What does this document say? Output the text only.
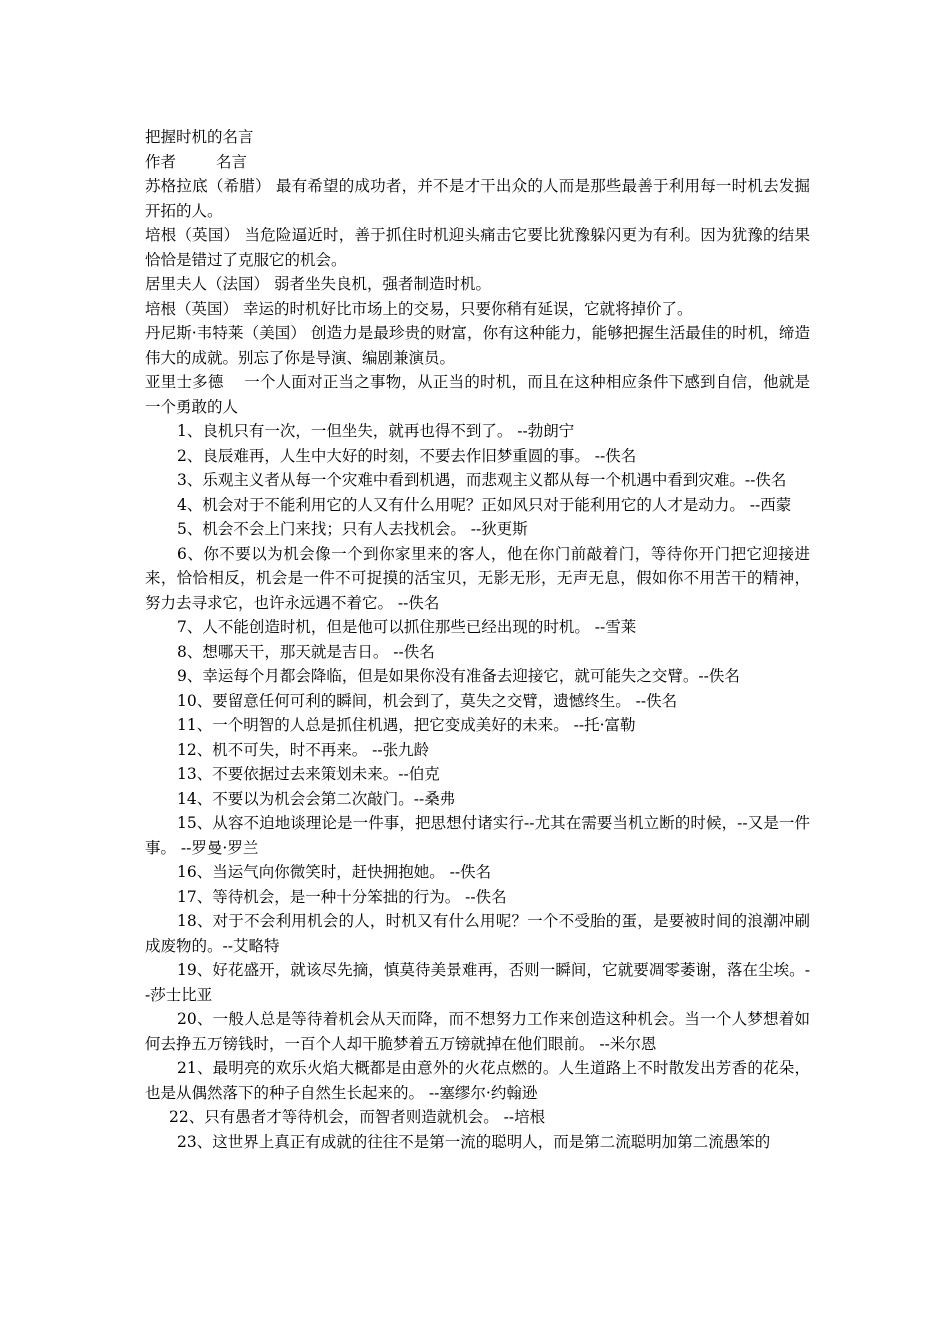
把握时机的名言

作者	名言

苏格拉底（希腊） 最有希望的成功者，并不是才干出众的人而是那些最善于利用每一时机去发掘开拓的人。

培根（英国） 当危险逼近时，善于抓住时机迎头痛击它要比犹豫躲闪更为有利。因为犹豫的结果恰恰是错过了克服它的机会。

居里夫人（法国） 弱者坐失良机，强者制造时机。

培根（英国） 幸运的时机好比市场上的交易，只要你稍有延误，它就将掉价了。

丹尼斯·韦特莱（美国） 创造力是最珍贵的财富，你有这种能力，能够把握生活最佳的时机，缔造伟大的成就。别忘了你是导演、编剧兼演员。

亚里士多德 一个人面对正当之事物，从正当的时机，而且在这种相应条件下感到自信，他就是一个勇敢的人

1、良机只有一次，一但坐失，就再也得不到了。 --勃朗宁

2、良辰难再，人生中大好的时刻，不要去作旧梦重圆的事。 --佚名

3、乐观主义者从每一个灾难中看到机遇，而悲观主义都从每一个机遇中看到灾难。--佚名

4、机会对于不能利用它的人又有什么用呢？正如风只对于能利用它的人才是动力。 --西蒙

5、机会不会上门来找；只有人去找机会。 --狄更斯

6、你不要以为机会像一个到你家里来的客人，他在你门前敲着门，等待你开门把它迎接进来，恰恰相反，机会是一件不可捉摸的活宝贝，无影无形，无声无息，假如你不用苦干的精神，努力去寻求它，也许永远遇不着它。 --佚名

7、人不能创造时机，但是他可以抓住那些已经出现的时机。 --雪莱

8、想哪天干，那天就是吉日。 --佚名

9、幸运每个月都会降临，但是如果你没有准备去迎接它，就可能失之交臂。--佚名

10、要留意任何可利的瞬间，机会到了，莫失之交臂，遗憾终生。 --佚名

11、一个明智的人总是抓住机遇，把它变成美好的未来。 --托·富勒

12、机不可失，时不再来。 --张九龄

13、不要依据过去来策划未来。--伯克

14、不要以为机会会第二次敲门。--桑弗

15、从容不迫地谈理论是一件事，把思想付诸实行--尤其在需要当机立断的时候，--又是一件事。 --罗曼·罗兰

16、当运气向你微笑时，赶快拥抱她。 --佚名

17、等待机会，是一种十分笨拙的行为。 --佚名

18、对于不会利用机会的人，时机又有什么用呢？一个不受胎的蛋，是要被时间的浪潮冲刷成废物的。--艾略特

19、好花盛开，就该尽先摘，慎莫待美景难再，否则一瞬间，它就要凋零萎谢，落在尘埃。--莎士比亚

20、一般人总是等待着机会从天而降，而不想努力工作来创造这种机会。当一个人梦想着如何去挣五万镑钱时，一百个人却干脆梦着五万镑就掉在他们眼前。 --米尔恩

21、最明亮的欢乐火焰大概都是由意外的火花点燃的。人生道路上不时散发出芳香的花朵，也是从偶然落下的种子自然生长起来的。 --塞缪尔·约翰逊

22、只有愚者才等待机会，而智者则造就机会。 --培根

23、这世界上真正有成就的往往不是第一流的聪明人，而是第二流聪明加第二流愚笨的
